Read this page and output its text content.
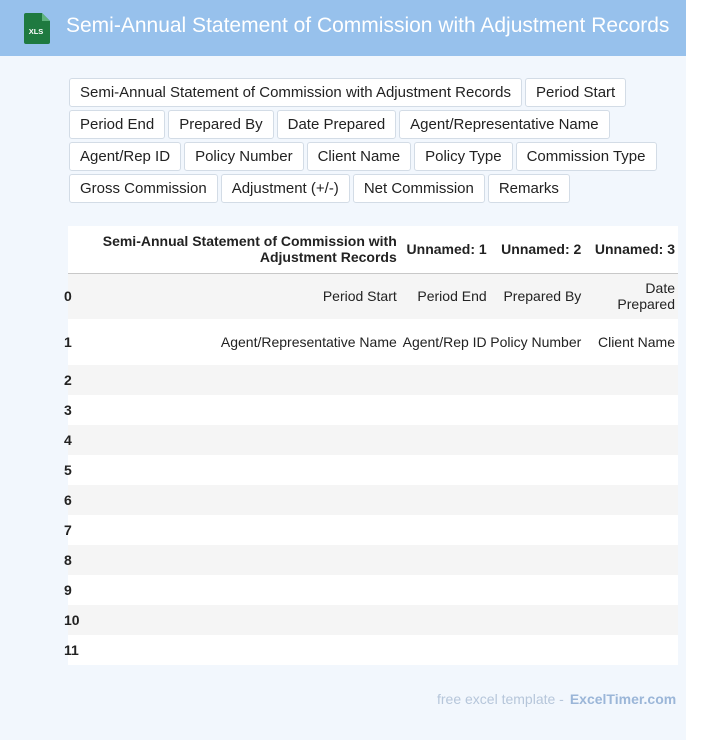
XLS Semi-Annual Statement of Commission with Adjustment Records
Semi-Annual Statement of Commission with Adjustment Records	Period Start
Period End	Prepared By	Date Prepared	Agent/Representative Name
Agent/Rep ID	Policy Number	Client Name	Policy Type	Commission Type
Gross Commission	Adjustment (+/-)	Net Commission	Remarks
	Semi-Annual Statement of Commission with Adjustment Records	Unnamed: 1	Unnamed: 2	Unnamed: 3
0	Period Start	Period End	Prepared By	Date Prepared
1	Agent/Representative Name	Agent/Rep ID	Policy Number	Client Name
2				
3				
4				
5				
6				
7				
8				
9				
10				
11				
free excel template - ExcelTimer.com
